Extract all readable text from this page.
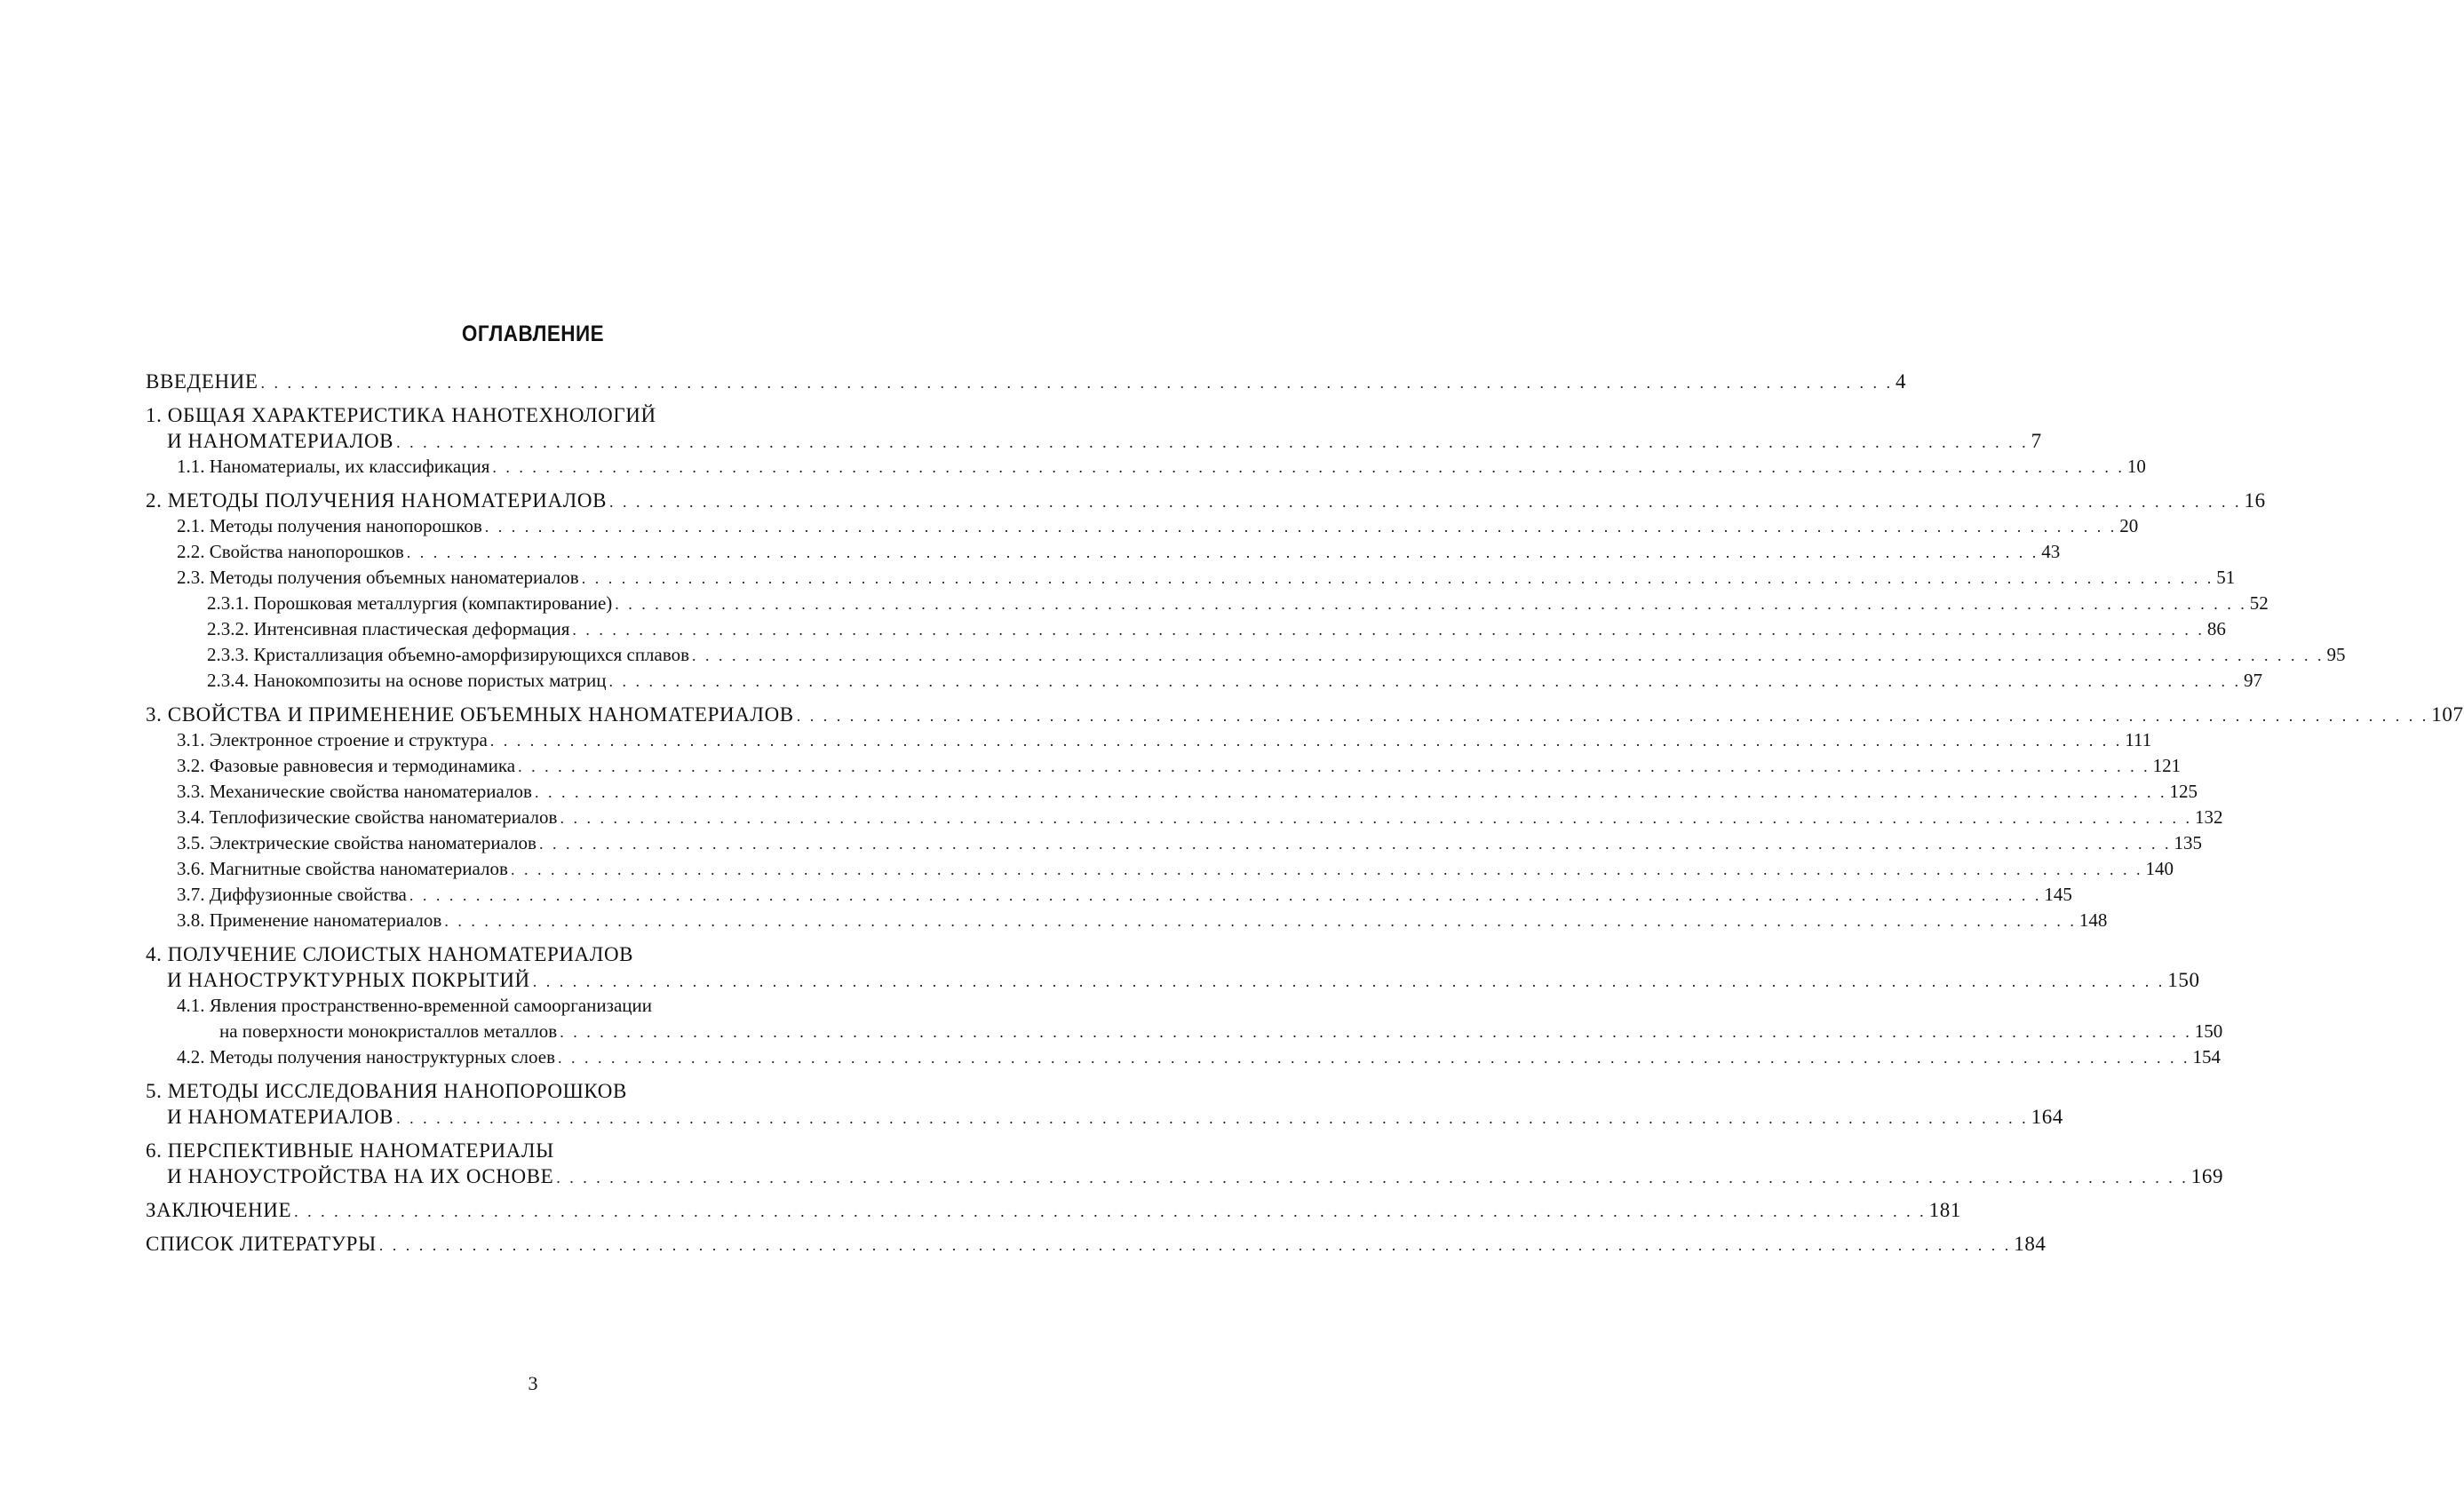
ОГЛАВЛЕНИЕ
ВВЕДЕНИЕ . . . . . . . . . . . . . . . . . . . . . . . . . . . . . . . . . . . . . . . . . . . . . . . . . . . . . . . . . . . . . . . . . . . . . . . . . . . . . . . . . . . . . . . . . . . . . . . . . . . . . . . . . . . . . . . . . . . . . . . . . . . 4
1. ОБЩАЯ ХАРАКТЕРИСТИКА НАНОТЕХНОЛОГИЙ
И НАНОМАТЕРИАЛОВ . . . . . . . . . . . . . . . . . . . . . . . . . . . . . . . . . . . . . . . . . . . . . . . . . . . . . . . . . . . . . . . . . . . . . . . . . . . . . . . . . . . . . . . . . . . . . . . . . . . . . . . . . . . . . . . . . . . . . . . . . . . 7
1.1. Наноматериалы, их классификация . . . . . . . . . . . . . . . . . . . . . . . . . . . . . . . . . . . . . . . . . . . . . . . . . . . . . . . . . . . . . . . . . . . . . . . . . . . . . . . . . . . . . . . . . . . . . . . . . . . . . . . . . . . . . . . . . . . . . . . . . . . 10
2. МЕТОДЫ ПОЛУЧЕНИЯ НАНОМАТЕРИАЛОВ . . . . . . . . . . . . . . . . . . . . . . . . . . . . . . . . . . . . . . . . . . . . . . . . . . . . . . . . . . . . . . . . . . . . . . . . . . . . . . . . . . . . . . . . . . . . . . . . . . . . . . . . . . . . . . . . . . . . . . . . . . . 16
2.1. Методы получения нанопорошков . . . . . . . . . . . . . . . . . . . . . . . . . . . . . . . . . . . . . . . . . . . . . . . . . . . . . . . . . . . . . . . . . . . . . . . . . . . . . . . . . . . . . . . . . . . . . . . . . . . . . . . . . . . . . . . . . . . . . . . . . . . 20
2.2. Свойства нанопорошков . . . . . . . . . . . . . . . . . . . . . . . . . . . . . . . . . . . . . . . . . . . . . . . . . . . . . . . . . . . . . . . . . . . . . . . . . . . . . . . . . . . . . . . . . . . . . . . . . . . . . . . . . . . . . . . . . . . . . . . . . . . 43
2.3. Методы получения объемных наноматериалов . . . . . . . . . . . . . . . . . . . . . . . . . . . . . . . . . . . . . . . . . . . . . . . . . . . . . . . . . . . . . . . . . . . . . . . . . . . . . . . . . . . . . . . . . . . . . . . . . . . . . . . . . . . . . . . . . . . . . . . . . . . 51
2.3.1. Порошковая металлургия (компактирование) . . . . . . . . . . . . . . . . . . . . . . . . . . . . . . . . . . . . . . . . . . . . . . . . . . . . . . . . . . . . . . . . . . . . . . . . . . . . . . . . . . . . . . . . . . . . . . . . . . . . . . . . . . . . . . . . . . . . . . . . . . . 52
2.3.2. Интенсивная пластическая деформация . . . . . . . . . . . . . . . . . . . . . . . . . . . . . . . . . . . . . . . . . . . . . . . . . . . . . . . . . . . . . . . . . . . . . . . . . . . . . . . . . . . . . . . . . . . . . . . . . . . . . . . . . . . . . . . . . . . . . . . . . . . 86
2.3.3. Кристаллизация объемно-аморфизирующихся сплавов . . . . . . . . . . . . . . . . . . . . . . . . . . . . . . . . . . . . . . . . . . . . . . . . . . . . . . . . . . . . . . . . . . . . . . . . . . . . . . . . . . . . . . . . . . . . . . . . . . . . . . . . . . . . . . . . . . . . . . . . . . . 95
2.3.4. Нанокомпозиты на основе пористых матриц . . . . . . . . . . . . . . . . . . . . . . . . . . . . . . . . . . . . . . . . . . . . . . . . . . . . . . . . . . . . . . . . . . . . . . . . . . . . . . . . . . . . . . . . . . . . . . . . . . . . . . . . . . . . . . . . . . . . . . . . . . . 97
3. СВОЙСТВА И ПРИМЕНЕНИЕ ОБЪЕМНЫХ НАНОМАТЕРИАЛОВ . . . . . . . . . . . . . . . . . . . . . . . . . . . . . . . . . . . . . . . . . . . . . . . . . . . . . . . . . . . . . . . . . . . . . . . . . . . . . . . . . . . . . . . . . . . . . . . . . . . . . . . . . . . . . . . . . . . . . . . . . . . 107
3.1. Электронное строение и структура . . . . . . . . . . . . . . . . . . . . . . . . . . . . . . . . . . . . . . . . . . . . . . . . . . . . . . . . . . . . . . . . . . . . . . . . . . . . . . . . . . . . . . . . . . . . . . . . . . . . . . . . . . . . . . . . . . . . . . . . . . . 111
3.2. Фазовые равновесия и термодинамика . . . . . . . . . . . . . . . . . . . . . . . . . . . . . . . . . . . . . . . . . . . . . . . . . . . . . . . . . . . . . . . . . . . . . . . . . . . . . . . . . . . . . . . . . . . . . . . . . . . . . . . . . . . . . . . . . . . . . . . . . . . 121
3.3. Механические свойства наноматериалов . . . . . . . . . . . . . . . . . . . . . . . . . . . . . . . . . . . . . . . . . . . . . . . . . . . . . . . . . . . . . . . . . . . . . . . . . . . . . . . . . . . . . . . . . . . . . . . . . . . . . . . . . . . . . . . . . . . . . . . . . . . 125
3.4. Теплофизические свойства наноматериалов . . . . . . . . . . . . . . . . . . . . . . . . . . . . . . . . . . . . . . . . . . . . . . . . . . . . . . . . . . . . . . . . . . . . . . . . . . . . . . . . . . . . . . . . . . . . . . . . . . . . . . . . . . . . . . . . . . . . . . . . . . . 132
3.5. Электрические свойства наноматериалов . . . . . . . . . . . . . . . . . . . . . . . . . . . . . . . . . . . . . . . . . . . . . . . . . . . . . . . . . . . . . . . . . . . . . . . . . . . . . . . . . . . . . . . . . . . . . . . . . . . . . . . . . . . . . . . . . . . . . . . . . . . 135
3.6. Магнитные свойства наноматериалов . . . . . . . . . . . . . . . . . . . . . . . . . . . . . . . . . . . . . . . . . . . . . . . . . . . . . . . . . . . . . . . . . . . . . . . . . . . . . . . . . . . . . . . . . . . . . . . . . . . . . . . . . . . . . . . . . . . . . . . . . . . 140
3.7. Диффузионные свойства . . . . . . . . . . . . . . . . . . . . . . . . . . . . . . . . . . . . . . . . . . . . . . . . . . . . . . . . . . . . . . . . . . . . . . . . . . . . . . . . . . . . . . . . . . . . . . . . . . . . . . . . . . . . . . . . . . . . . . . . . . . 145
3.8. Применение наноматериалов . . . . . . . . . . . . . . . . . . . . . . . . . . . . . . . . . . . . . . . . . . . . . . . . . . . . . . . . . . . . . . . . . . . . . . . . . . . . . . . . . . . . . . . . . . . . . . . . . . . . . . . . . . . . . . . . . . . . . . . . . . . 148
4. ПОЛУЧЕНИЕ СЛОИСТЫХ НАНОМАТЕРИАЛОВ
И НАНОСТРУКТУРНЫХ ПОКРЫТИЙ . . . . . . . . . . . . . . . . . . . . . . . . . . . . . . . . . . . . . . . . . . . . . . . . . . . . . . . . . . . . . . . . . . . . . . . . . . . . . . . . . . . . . . . . . . . . . . . . . . . . . . . . . . . . . . . . . . . . . . . . . . . 150
4.1. Явления пространственно-временной самоорганизации
на поверхности монокристаллов металлов . . . . . . . . . . . . . . . . . . . . . . . . . . . . . . . . . . . . . . . . . . . . . . . . . . . . . . . . . . . . . . . . . . . . . . . . . . . . . . . . . . . . . . . . . . . . . . . . . . . . . . . . . . . . . . . . . . . . . . . . . . . 150
4.2. Методы получения наноструктурных слоев . . . . . . . . . . . . . . . . . . . . . . . . . . . . . . . . . . . . . . . . . . . . . . . . . . . . . . . . . . . . . . . . . . . . . . . . . . . . . . . . . . . . . . . . . . . . . . . . . . . . . . . . . . . . . . . . . . . . . . . . . . . 154
5. МЕТОДЫ ИССЛЕДОВАНИЯ НАНОПОРОШКОВ
И НАНОМАТЕРИАЛОВ . . . . . . . . . . . . . . . . . . . . . . . . . . . . . . . . . . . . . . . . . . . . . . . . . . . . . . . . . . . . . . . . . . . . . . . . . . . . . . . . . . . . . . . . . . . . . . . . . . . . . . . . . . . . . . . . . . . . . . . . . . . 164
6. ПЕРСПЕКТИВНЫЕ НАНОМАТЕРИАЛЫ
И НАНОУСТРОЙСТВА НА ИХ ОСНОВЕ . . . . . . . . . . . . . . . . . . . . . . . . . . . . . . . . . . . . . . . . . . . . . . . . . . . . . . . . . . . . . . . . . . . . . . . . . . . . . . . . . . . . . . . . . . . . . . . . . . . . . . . . . . . . . . . . . . . . . . . . . . . 169
ЗАКЛЮЧЕНИЕ . . . . . . . . . . . . . . . . . . . . . . . . . . . . . . . . . . . . . . . . . . . . . . . . . . . . . . . . . . . . . . . . . . . . . . . . . . . . . . . . . . . . . . . . . . . . . . . . . . . . . . . . . . . . . . . . . . . . . . . . . . . 181
СПИСОК ЛИТЕРАТУРЫ . . . . . . . . . . . . . . . . . . . . . . . . . . . . . . . . . . . . . . . . . . . . . . . . . . . . . . . . . . . . . . . . . . . . . . . . . . . . . . . . . . . . . . . . . . . . . . . . . . . . . . . . . . . . . . . . . . . . . . . . . . . 184
3
